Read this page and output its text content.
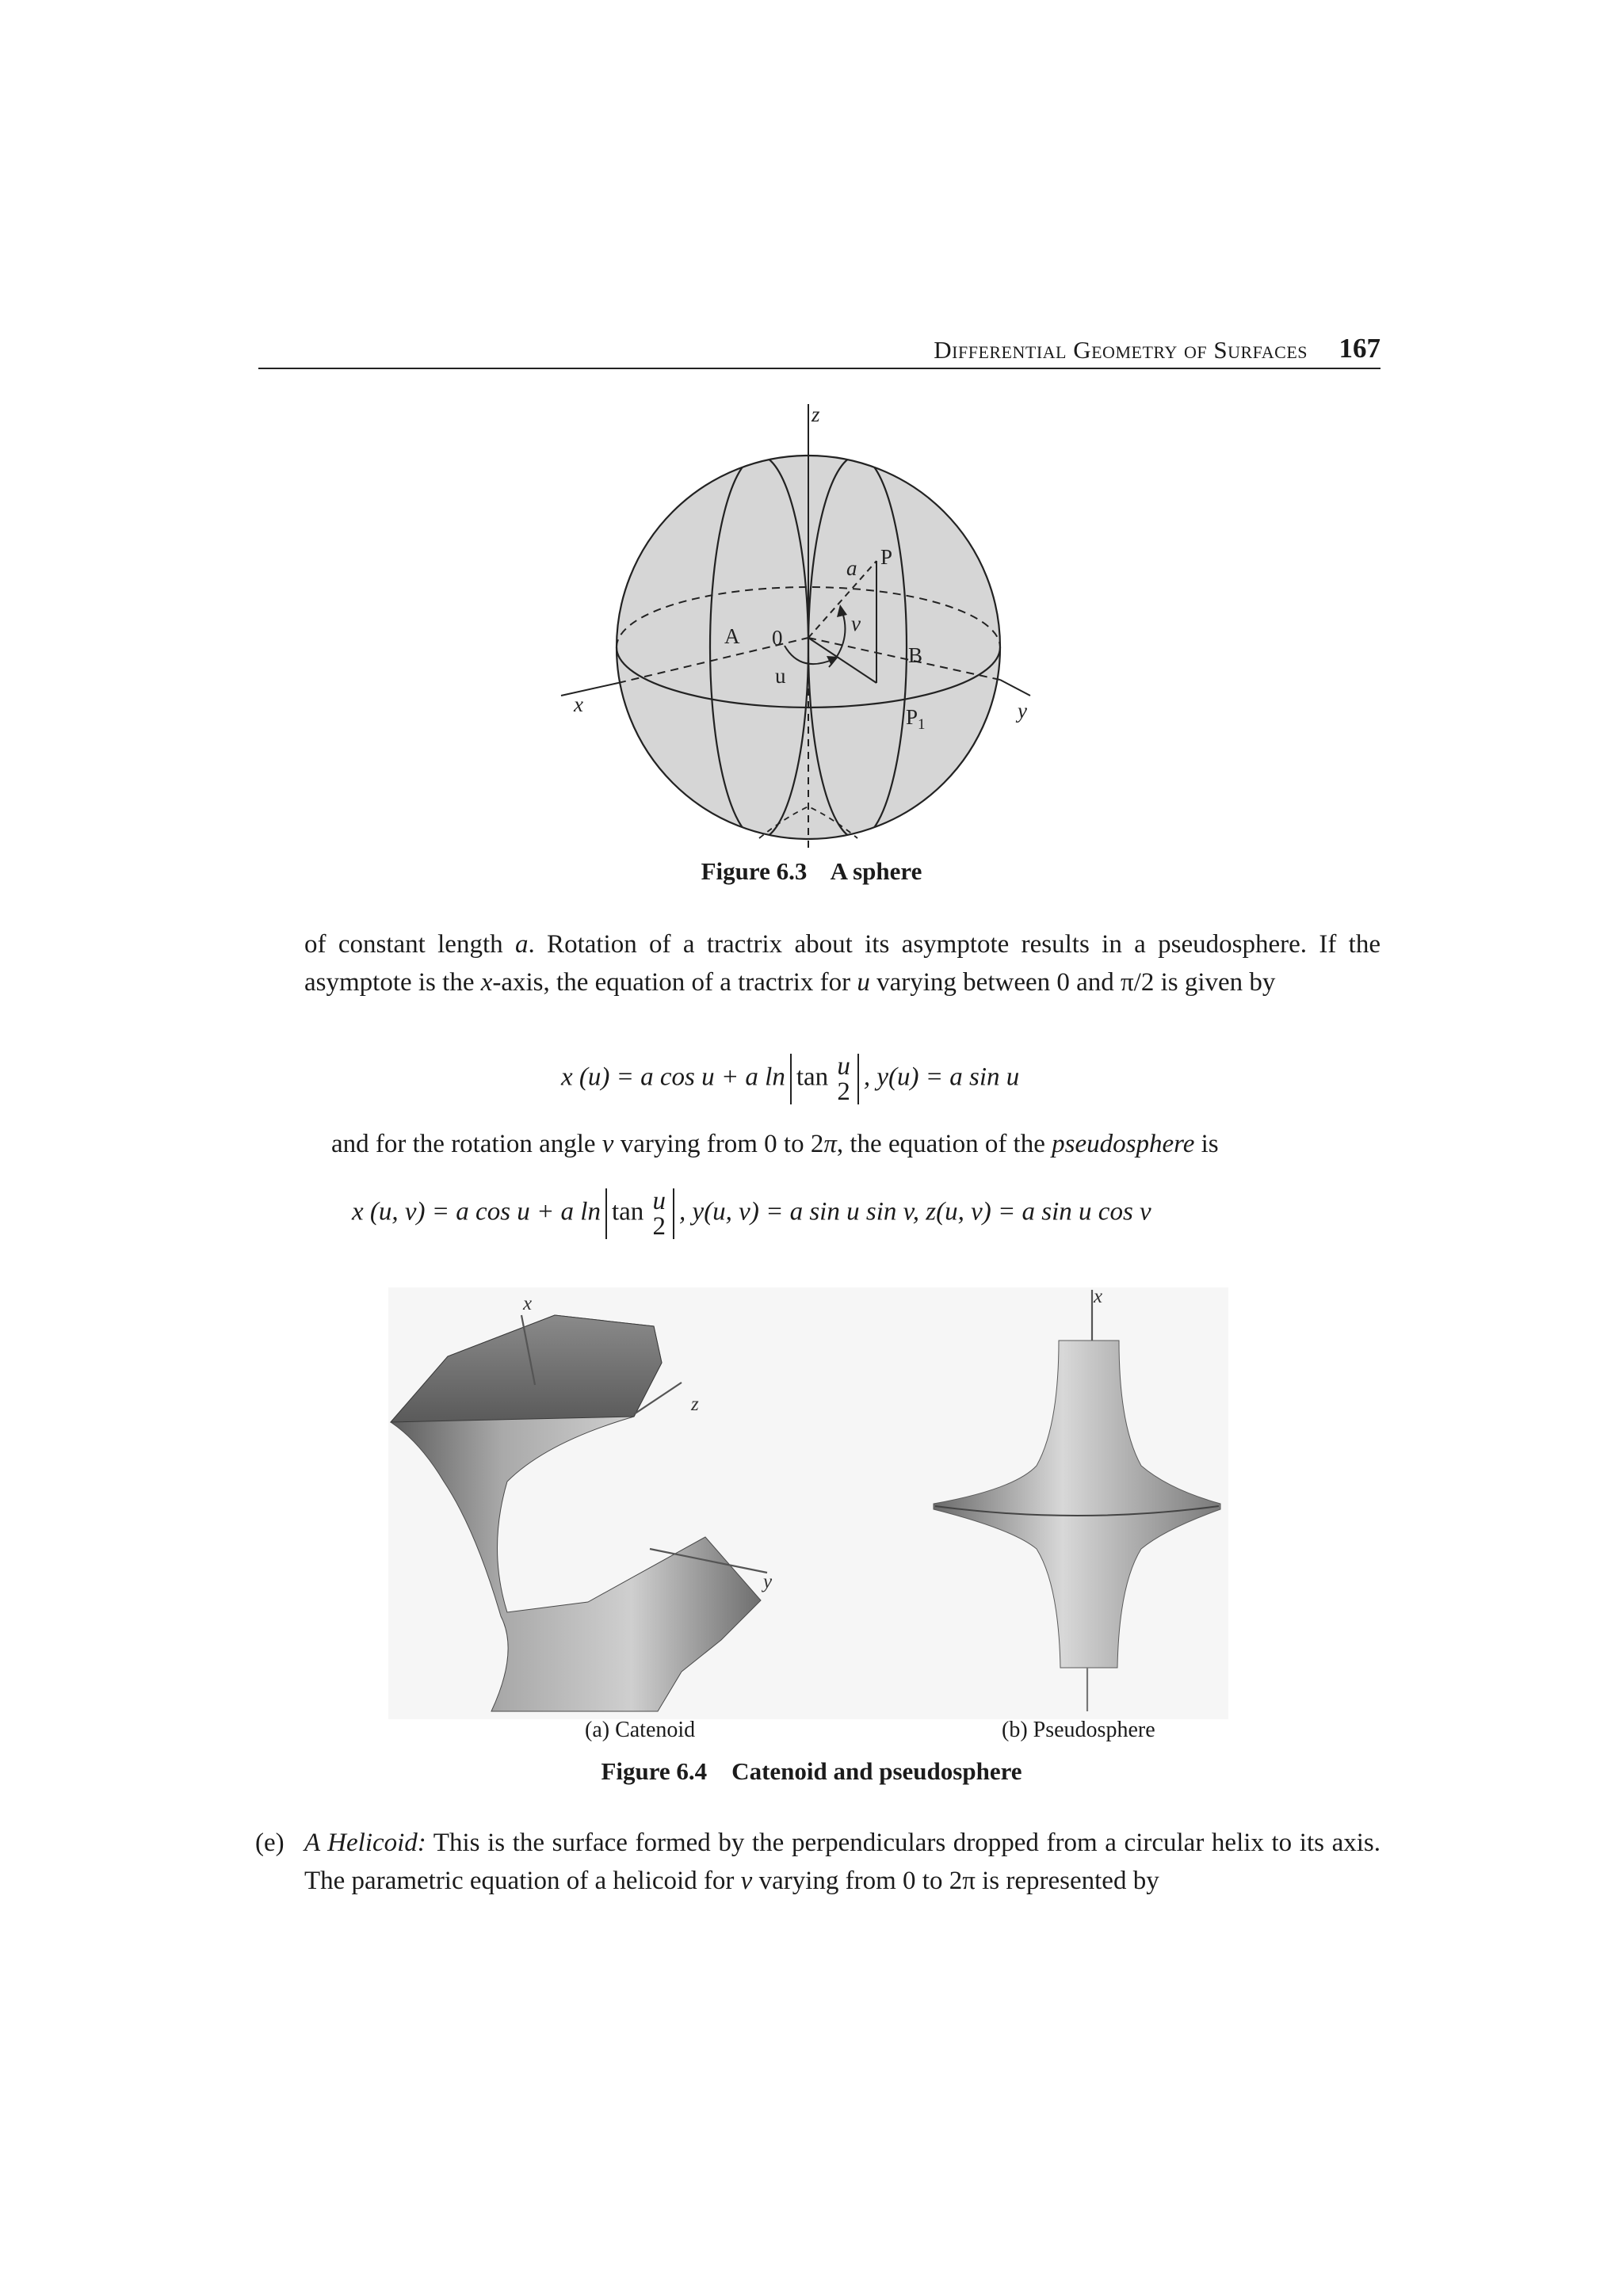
Differential Geometry of Surfaces 167
z
x	y
a P
v
A 0
B
u
$P_1$
Figure 6.3    A sphere
of constant length a. Rotation of a tractrix about its asymptote results in a pseudosphere. If the asymptote is the x-axis, the equation of a tractrix for u varying between 0 and π/2 is given by
x (u) = a cos u + a ln tan u
2
, y(u) = a sin u
and for the rotation angle v varying from 0 to 2π, the equation of the pseudosphere is
x (u, v) = a cos u + a ln tan u
2
, y(u, v) = a sin u sin v, z(u, v) = a sin u cos v
x
z
y
x
(a) Catenoid	(b) Pseudosphere
Figure 6.4    Catenoid and pseudosphere
(e) A Helicoid: This is the surface formed by the perpendiculars dropped from a circular helix to its axis. The parametric equation of a helicoid for v varying from 0 to 2π is represented by
